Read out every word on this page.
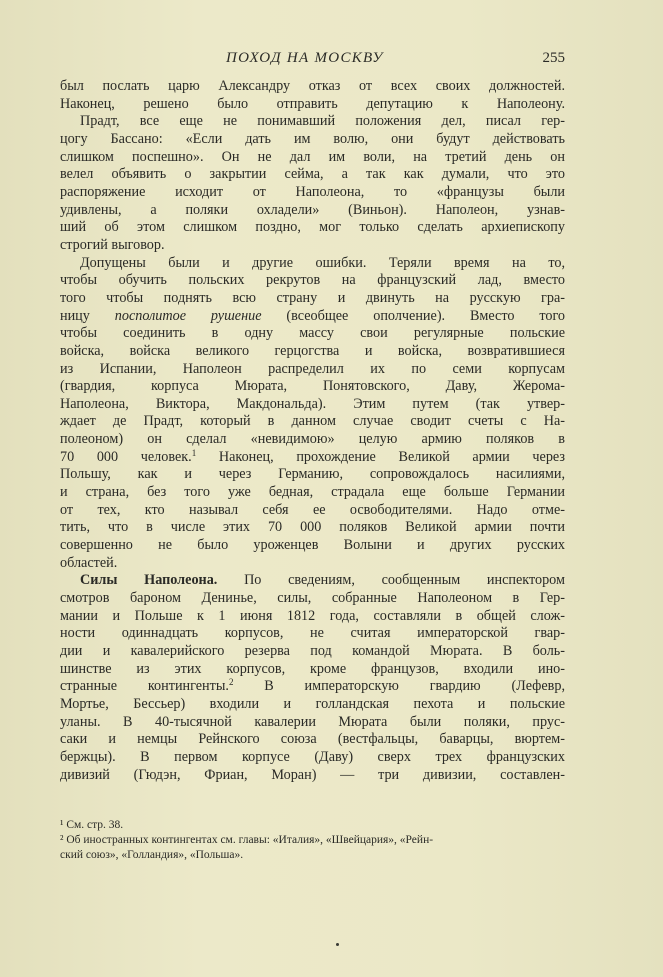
ПОХОД НА МОСКВУ	255
был послать царю Александру отказ от всех своих должностей.
Наконец, решено было отправить депутацию к Наполеону.
Прадт, все еще не понимавший положения дел, писал гер-
цогу Бассано: «Если дать им волю, они будут действовать
слишком поспешно». Он не дал им воли, на третий день он
велел объявить о закрытии сейма, а так как думали, что это
распоряжение исходит от Наполеона, то «французы были
удивлены, а поляки охладели» (Виньон). Наполеон, узнав-
ший об этом слишком поздно, мог только сделать архиепископу
строгий выговор.
Допущены были и другие ошибки. Теряли время на то,
чтобы обучить польских рекрутов на французский лад, вместо
того чтобы поднять всю страну и двинуть на русскую гра-
ницу посполитое рушение (всеобщее ополчение). Вместо того
чтобы соединить в одну массу свои регулярные польские
войска, войска великого герцогства и войска, возвратившиеся
из Испании, Наполеон распределил их по семи корпусам
(гвардия, корпуса Мюрата, Понятовского, Даву, Жерома-
Наполеона, Виктора, Макдональда). Этим путем (так утвер-
ждает де Прадт, который в данном случае сводит счеты с На-
полеоном) он сделал «невидимою» целую армию поляков в
70 000 человек.$^1$ Наконец, прохождение Великой армии через
Польшу, как и через Германию, сопровождалось насилиями,
и страна, без того уже бедная, страдала еще больше Германии
от тех, кто называл себя ее освободителями. Надо отме-
тить, что в числе этих 70 000 поляков Великой армии почти
совершенно не было уроженцев Волыни и других русских
областей.
Силы Наполеона. По сведениям, сообщенным инспектором
смотров бароном Денинье, силы, собранные Наполеоном в Гер-
мании и Польше к 1 июня 1812 года, составляли в общей слож-
ности одиннадцать корпусов, не считая императорской гвар-
дии и кавалерийского резерва под командой Мюрата. В боль-
шинстве из этих корпусов, кроме французов, входили ино-
странные контингенты.$^2$ В императорскую гвардию (Лефевр,
Мортье, Бессьер) входили и голландская пехота и польские
уланы. В 40-тысячной кавалерии Мюрата были поляки, прус-
саки и немцы Рейнского союза (вестфальцы, баварцы, вюртем-
бержцы). В первом корпусе (Даву) сверх трех французских
дивизий (Гюдэн, Фриан, Моран) — три дивизии, составлен-
¹ См. стр. 38.
² Об иностранных контингентах см. главы: «Италия», «Швейцария», «Рейн-
ский союз», «Голландия», «Польша».
